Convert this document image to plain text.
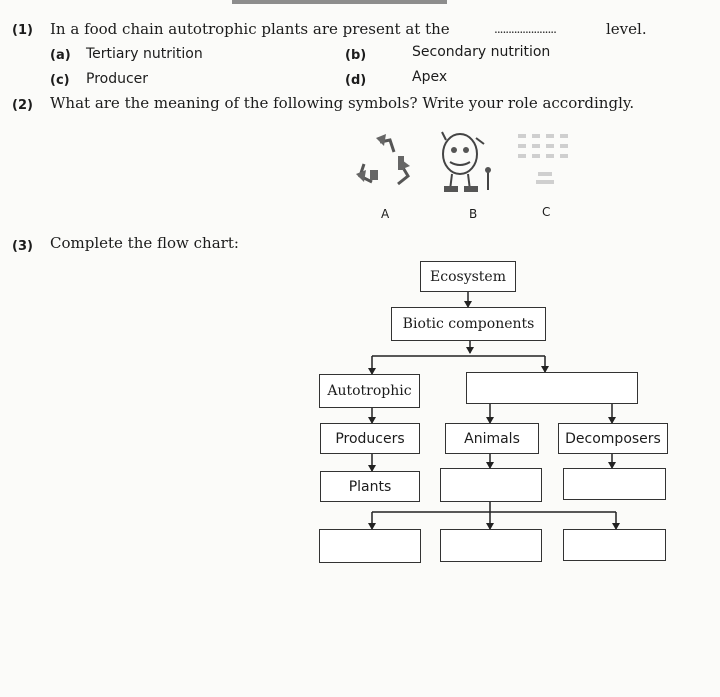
(1) In a food chain autotrophic plants are present at the	......................	level.
(a) Tertiary nutrition	(b)	Secondary nutrition
(c) Producer	(d)	Apex
(2) What are the meaning of the following symbols? Write your role accordingly.
A	B	C
(3) Complete the flow chart:
Ecosystem
Biotic components
Autotrophic
Producers	Animals	Decomposers
Plants
